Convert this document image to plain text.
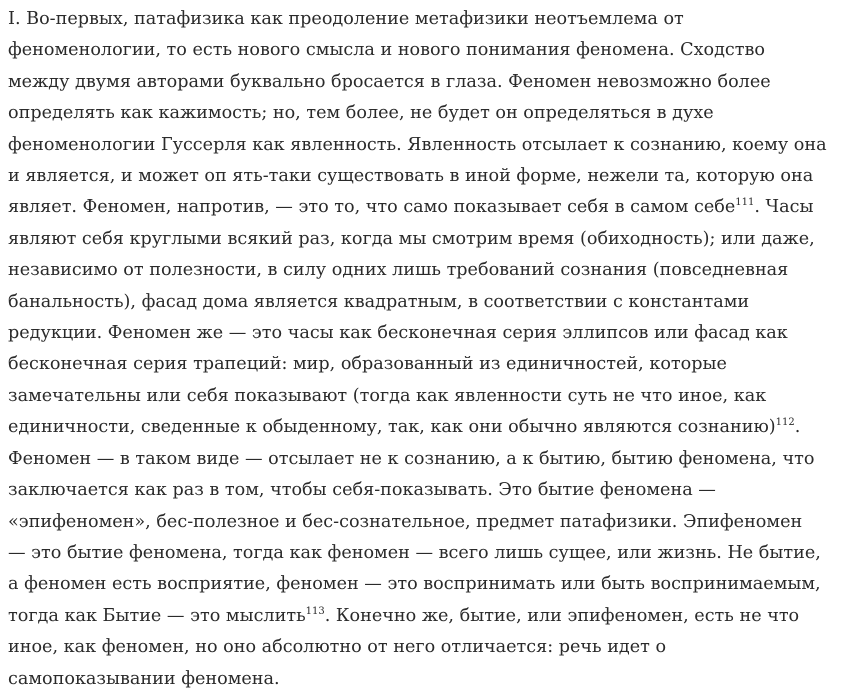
I. Во-первых, патафизика как преодоление метафизики неотъемлема от
феноменологии, то есть нового смысла и нового понимания феномена. Сходство
между двумя авторами буквально бросается в глаза. Феномен невозможно более
определять как кажимость; но, тем более, не будет он определяться в духе
феноменологии Гуссерля как явленность. Явленность отсылает к сознанию, коему она
и является, и может оп ять-таки существовать в иной форме, нежели та, которую она
являет. Феномен, напротив, — это то, что само показывает себя в самом себе$^{111}$. Часы
являют себя круглыми всякий раз, когда мы смотрим время (обиходность); или даже,
независимо от полезности, в силу одних лишь требований сознания (повседневная
банальность), фасад дома является квадратным, в соответствии с константами
редукции. Феномен же — это часы как бесконечная серия эллипсов или фасад как
бесконечная серия трапеций: мир, образованный из единичностей, которые
замечательны или себя показывают (тогда как явленности суть не что иное, как
единичности, сведенные к обыденному, так, как они обычно являются сознанию)$^{112}$.
Феномен — в таком виде — отсылает не к сознанию, а к бытию, бытию феномена, что
заключается как раз в том, чтобы себя-показывать. Это бытие феномена —
«эпифеномен», бес-полезное и бес-сознательное, предмет патафизики. Эпифеномен
— это бытие феномена, тогда как феномен — всего лишь сущее, или жизнь. Не бытие,
а феномен есть восприятие, феномен — это воспринимать или быть воспринимаемым,
тогда как Бытие — это мыслить$^{113}$. Конечно же, бытие, или эпифеномен, есть не что
иное, как феномен, но оно абсолютно от него отличается: речь идет о
самопоказывании феномена.
